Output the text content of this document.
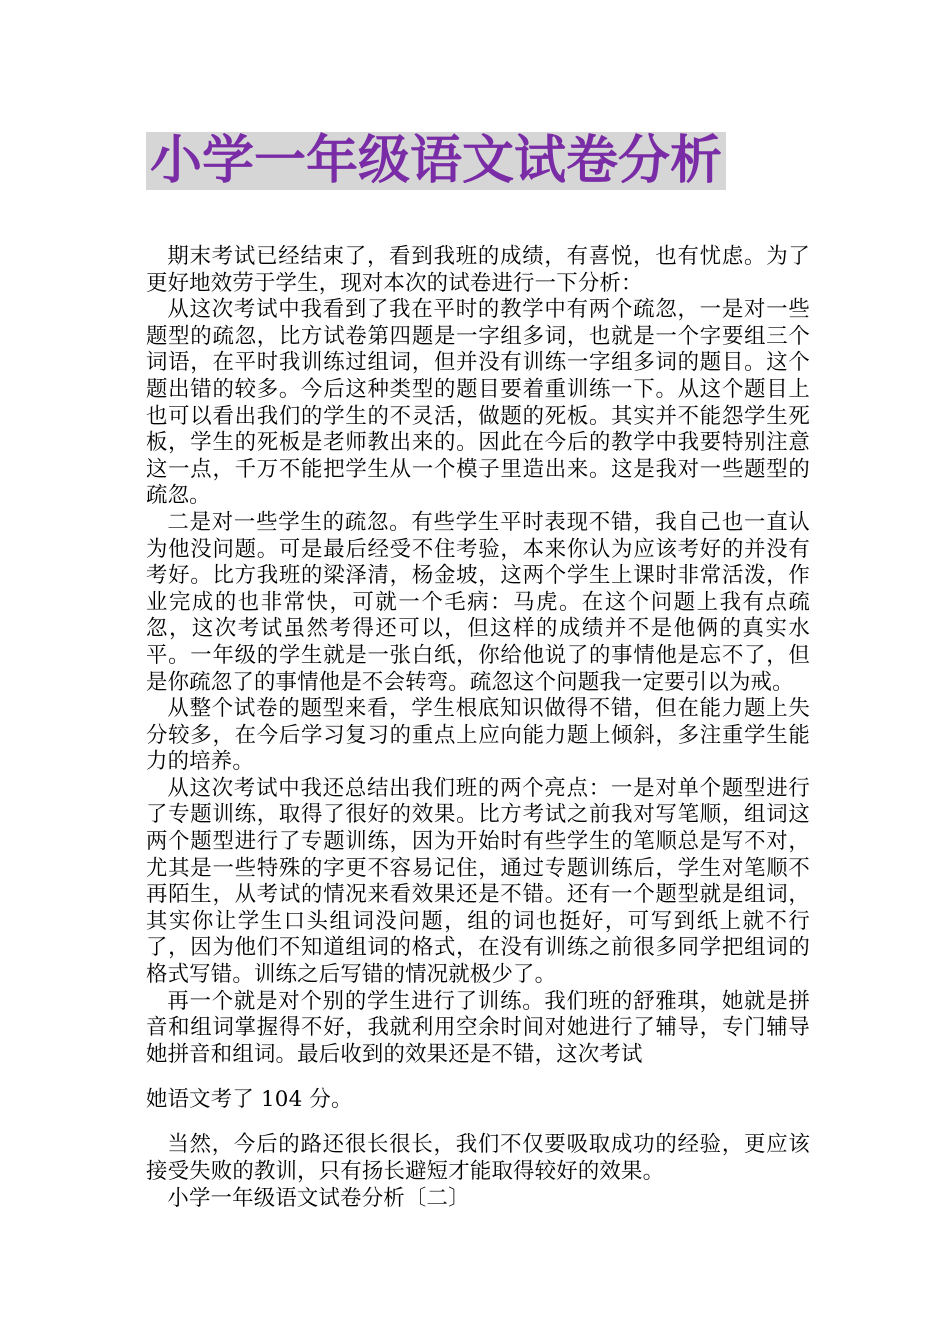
小学一年级语文试卷分析

期末考试已经结束了，看到我班的成绩，有喜悦，也有忧虑。为了更好地效劳于学生，现对本次的试卷进行一下分析：

从这次考试中我看到了我在平时的教学中有两个疏忽，一是对一些题型的疏忽，比方试卷第四题是一字组多词，也就是一个字要组三个词语，在平时我训练过组词，但并没有训练一字组多词的题目。这个题出错的较多。今后这种类型的题目要着重训练一下。从这个题目上也可以看出我们的学生的不灵活，做题的死板。其实并不能怨学生死板，学生的死板是老师教出来的。因此在今后的教学中我要特别注意这一点，千万不能把学生从一个模子里造出来。这是我对一些题型的疏忽。

二是对一些学生的疏忽。有些学生平时表现不错，我自己也一直认为他没问题。可是最后经受不住考验，本来你认为应该考好的并没有考好。比方我班的梁泽清，杨金坡，这两个学生上课时非常活泼，作业完成的也非常快，可就一个毛病：马虎。在这个问题上我有点疏忽，这次考试虽然考得还可以，但这样的成绩并不是他俩的真实水平。一年级的学生就是一张白纸，你给他说了的事情他是忘不了，但是你疏忽了的事情他是不会转弯。疏忽这个问题我一定要引以为戒。

从整个试卷的题型来看，学生根底知识做得不错，但在能力题上失分较多，在今后学习复习的重点上应向能力题上倾斜，多注重学生能力的培养。

从这次考试中我还总结出我们班的两个亮点：一是对单个题型进行了专题训练，取得了很好的效果。比方考试之前我对写笔顺，组词这两个题型进行了专题训练，因为开始时有些学生的笔顺总是写不对，尤其是一些特殊的字更不容易记住，通过专题训练后，学生对笔顺不再陌生，从考试的情况来看效果还是不错。还有一个题型就是组词，其实你让学生口头组词没问题，组的词也挺好，可写到纸上就不行了，因为他们不知道组词的格式，在没有训练之前很多同学把组词的格式写错。训练之后写错的情况就极少了。

再一个就是对个别的学生进行了训练。我们班的舒雅琪，她就是拼音和组词掌握得不好，我就利用空余时间对她进行了辅导，专门辅导她拼音和组词。最后收到的效果还是不错，这次考试

她语文考了 104 分。

当然，今后的路还很长很长，我们不仅要吸取成功的经验，更应该接受失败的教训，只有扬长避短才能取得较好的效果。

小学一年级语文试卷分析〔二〕
